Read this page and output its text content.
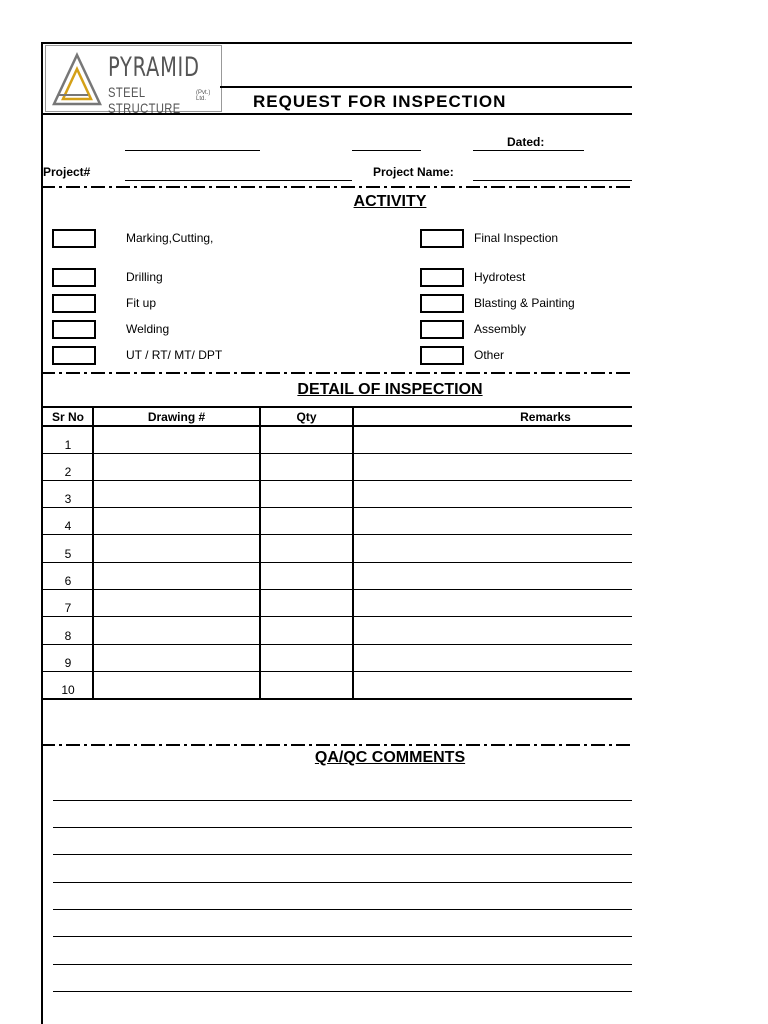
PYRAMID
STEEL STRUCTURE
(Pvt.) Ltd.	REQUEST FOR INSPECTION
Dated:
Project#	Project Name:
ACTIVITY
Marking,Cutting,	Final Inspection
Drilling	Hydrotest
Fit up	Blasting & Painting
Welding	Assembly
UT / RT/ MT/ DPT	Other
DETAIL OF INSPECTION
Sr No	Drawing #	Qty	Remarks
1
2
3
4
5
6
7
8
9
10
QA/QC COMMENTS
